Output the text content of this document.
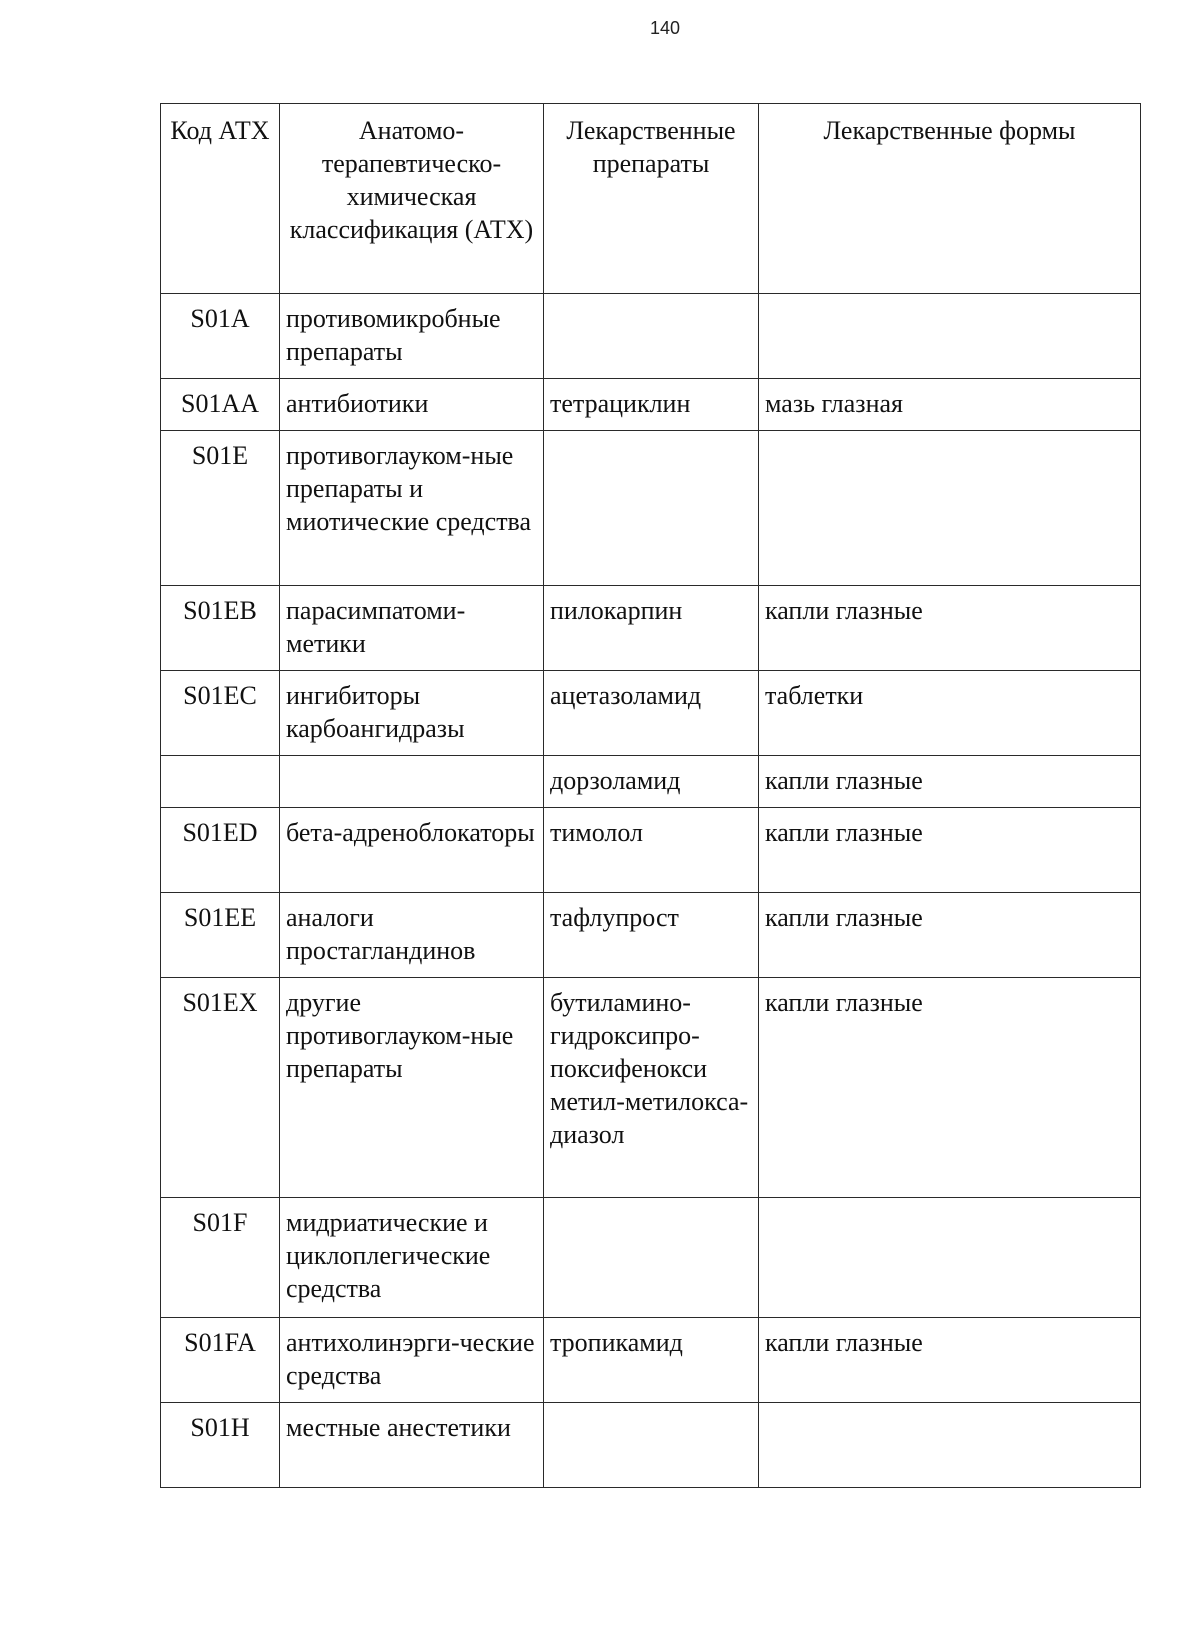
140
Код АТХ	Анатомо-терапевтическо-химическая классификация (АТХ)	Лекарственные препараты	Лекарственные формы
S01A	противомикробные препараты		
S01AA	антибиотики	тетрациклин	мазь глазная
S01E	противоглауком-ные препараты и миотические средства		
S01EB	парасимпатоми-метики	пилокарпин	капли глазные
S01EC	ингибиторы карбоангидразы	ацетазоламид	таблетки
		дорзоламид	капли глазные
S01ED	бета-адреноблокаторы	тимолол	капли глазные
S01EE	аналоги простагландинов	тафлупрост	капли глазные
S01EX	другие противоглауком-ные препараты	бутиламино-гидроксипро-поксифенокси метил-метилокса-диазол	капли глазные
S01F	мидриатические и циклоплегические средства		
S01FA	антихолинэрги-ческие средства	тропикамид	капли глазные
S01H	местные анестетики		
